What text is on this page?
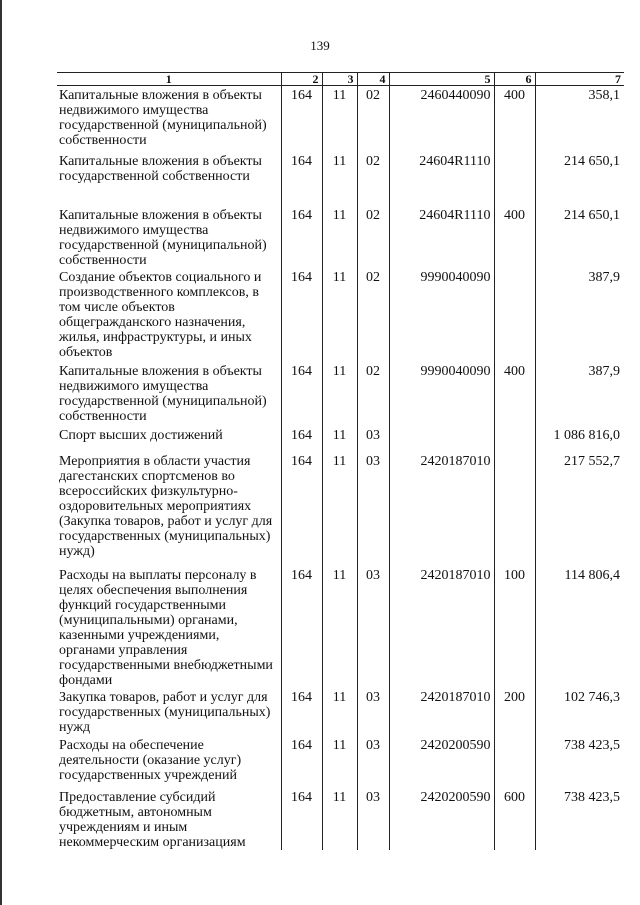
139
1	2	3	4	5	6	7
Капитальные вложения в объекты недвижимого имущества государственной (муниципальной) собственности	164	11	02	2460440090	400	358,1
Капитальные вложения в объекты государственной собственности	164	11	02	24604R1110		214 650,1
Капитальные вложения в объекты недвижимого имущества государственной (муниципальной) собственности	164	11	02	24604R1110	400	214 650,1
Создание объектов социального и производственного комплексов, в том числе объектов общегражданского назначения, жилья, инфраструктуры, и иных объектов	164	11	02	9990040090		387,9
Капитальные вложения в объекты недвижимого имущества государственной (муниципальной) собственности	164	11	02	9990040090	400	387,9
Спорт высших достижений	164	11	03			1 086 816,0
Мероприятия в области участия дагестанских спортсменов во всероссийских физкультурно-оздоровительных мероприятиях (Закупка товаров, работ и услуг для государственных (муниципальных) нужд)	164	11	03	2420187010		217 552,7
Расходы на выплаты персоналу в целях обеспечения выполнения функций государственными (муниципальными) органами, казенными учреждениями, органами управления государственными внебюджетными фондами	164	11	03	2420187010	100	114 806,4
Закупка товаров, работ и услуг для государственных (муниципальных) нужд	164	11	03	2420187010	200	102 746,3
Расходы на обеспечение деятельности (оказание услуг) государственных учреждений	164	11	03	2420200590		738 423,5
Предоставление субсидий бюджетным, автономным учреждениям и иным некоммерческим организациям	164	11	03	2420200590	600	738 423,5
